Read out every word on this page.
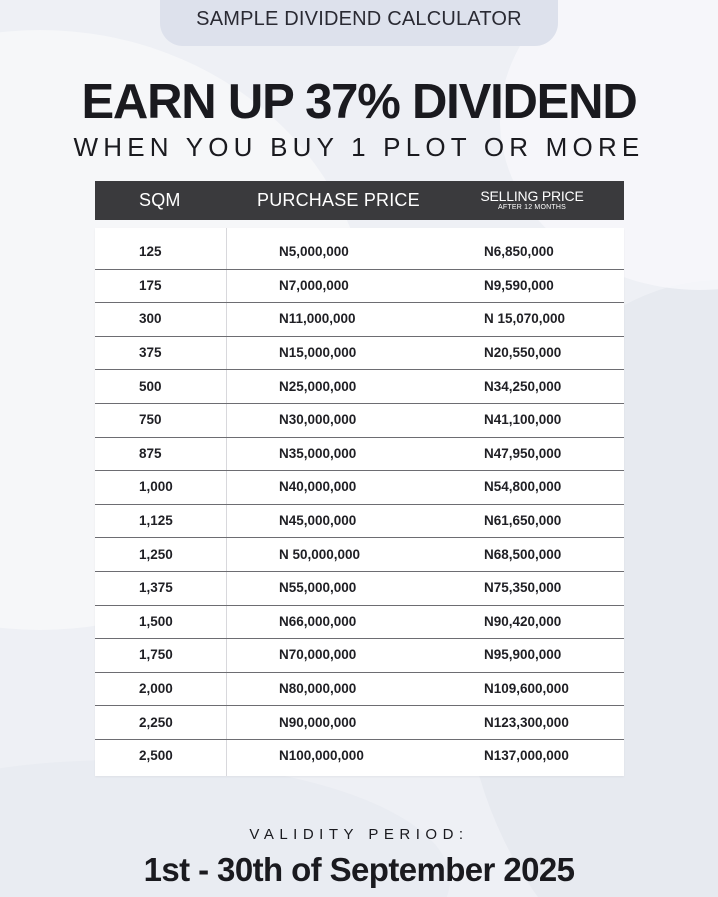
SAMPLE DIVIDEND CALCULATOR
EARN UP 37% DIVIDEND
WHEN YOU BUY 1 PLOT OR MORE
SQM	PURCHASE PRICE	SELLING PRICE
AFTER 12 MONTHS
125	N5,000,000	N6,850,000
175	N7,000,000	N9,590,000
300	N11,000,000	N 15,070,000
375	N15,000,000	N20,550,000
500	N25,000,000	N34,250,000
750	N30,000,000	N41,100,000
875	N35,000,000	N47,950,000
1,000	N40,000,000	N54,800,000
1,125	N45,000,000	N61,650,000
1,250	N 50,000,000	N68,500,000
1,375	N55,000,000	N75,350,000
1,500	N66,000,000	N90,420,000
1,750	N70,000,000	N95,900,000
2,000	N80,000,000	N109,600,000
2,250	N90,000,000	N123,300,000
2,500	N100,000,000	N137,000,000
VALIDITY PERIOD:
1st - 30th of September 2025
